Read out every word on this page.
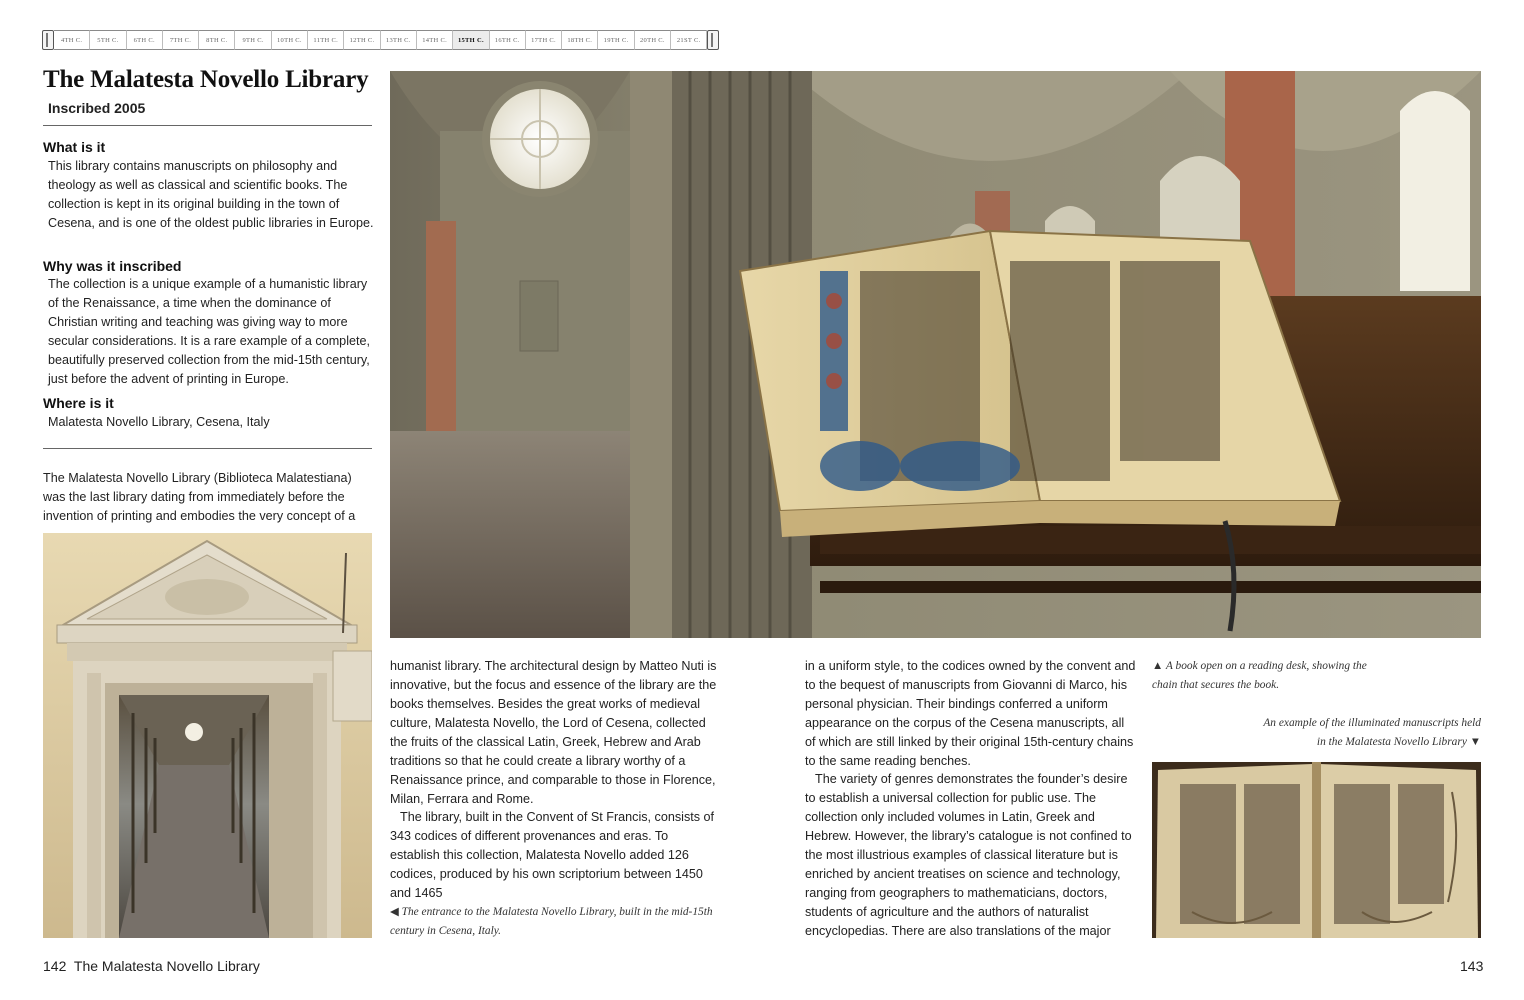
4TH C.	5TH C.	6TH C.	7TH C.	8TH C.	9TH C.	10TH C.	11TH C.	12TH C.	13TH C.	14TH C.	15TH C.	16TH C.	17TH C.	18TH C.	19TH C.	20TH C.	21ST C.
The Malatesta Novello Library
Inscribed 2005
What is it

This library contains manuscripts on philosophy and theology as well as classical and scientific books. The collection is kept in its original building in the town of Cesena, and is one of the oldest public libraries in Europe.

Why was it inscribed

The collection is a unique example of a humanistic library of the Renaissance, a time when the dominance of Christian writing and teaching was giving way to more secular considerations. It is a rare example of a complete, beautifully preserved collection from the mid-15th century, just before the advent of printing in Europe.

Where is it

Malatesta Novello Library, Cesena, Italy

The Malatesta Novello Library (Biblioteca Malatestiana) was the last library dating from immediately before the invention of printing and embodies the very concept of a

humanist library. The architectural design by Matteo Nuti is innovative, but the focus and essence of the library are the books themselves. Besides the great works of medieval culture, Malatesta Novello, the Lord of Cesena, collected the fruits of the classical Latin, Greek, Hebrew and Arab traditions so that he could create a library worthy of a Renaissance prince, and comparable to those in Florence, Milan, Ferrara and Rome.

The library, built in the Convent of St Francis, consists of 343 codices of different provenances and eras. To establish this collection, Malatesta Novello added 126 codices, produced by his own scriptorium between 1450 and 1465

◀ The entrance to the Malatesta Novello Library, built in the mid-15th century in Cesena, Italy.

in a uniform style, to the codices owned by the convent and to the bequest of manuscripts from Giovanni di Marco, his personal physician. Their bindings conferred a uniform appearance on the corpus of the Cesena manuscripts, all of which are still linked by their original 15th-century chains to the same reading benches.

The variety of genres demonstrates the founder’s desire to establish a universal collection for public use. The collection only included volumes in Latin, Greek and Hebrew. However, the library’s catalogue is not confined to the most illustrious examples of classical literature but is enriched by ancient treatises on science and technology, ranging from geographers to mathematicians, doctors, students of agriculture and the authors of naturalist encyclopedias. There are also translations of the major

▲ A book open on a reading desk, showing the chain that secures the book.

An example of the illuminated manuscripts held in the Malatesta Novello Library ▼

142 The Malatesta Novello Library	143
